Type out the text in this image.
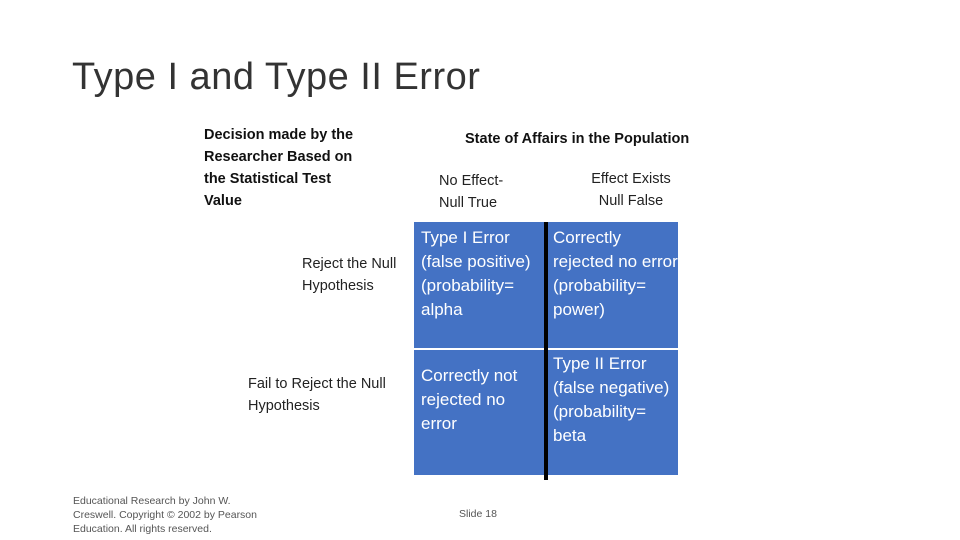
Type I and Type II Error
Decision made by the Researcher Based on the Statistical Test Value
State of Affairs in the Population
No Effect-
Null True
Effect Exists
Null False
Reject the Null Hypothesis
Fail to Reject the Null Hypothesis
Type I Error (false positive) (probability= alpha
Correctly rejected no error (probability= power)
Correctly not rejected no error
Type II Error (false negative) (probability= beta
Educational Research by John W. Creswell. Copyright © 2002 by Pearson Education. All rights reserved.
Slide 18
